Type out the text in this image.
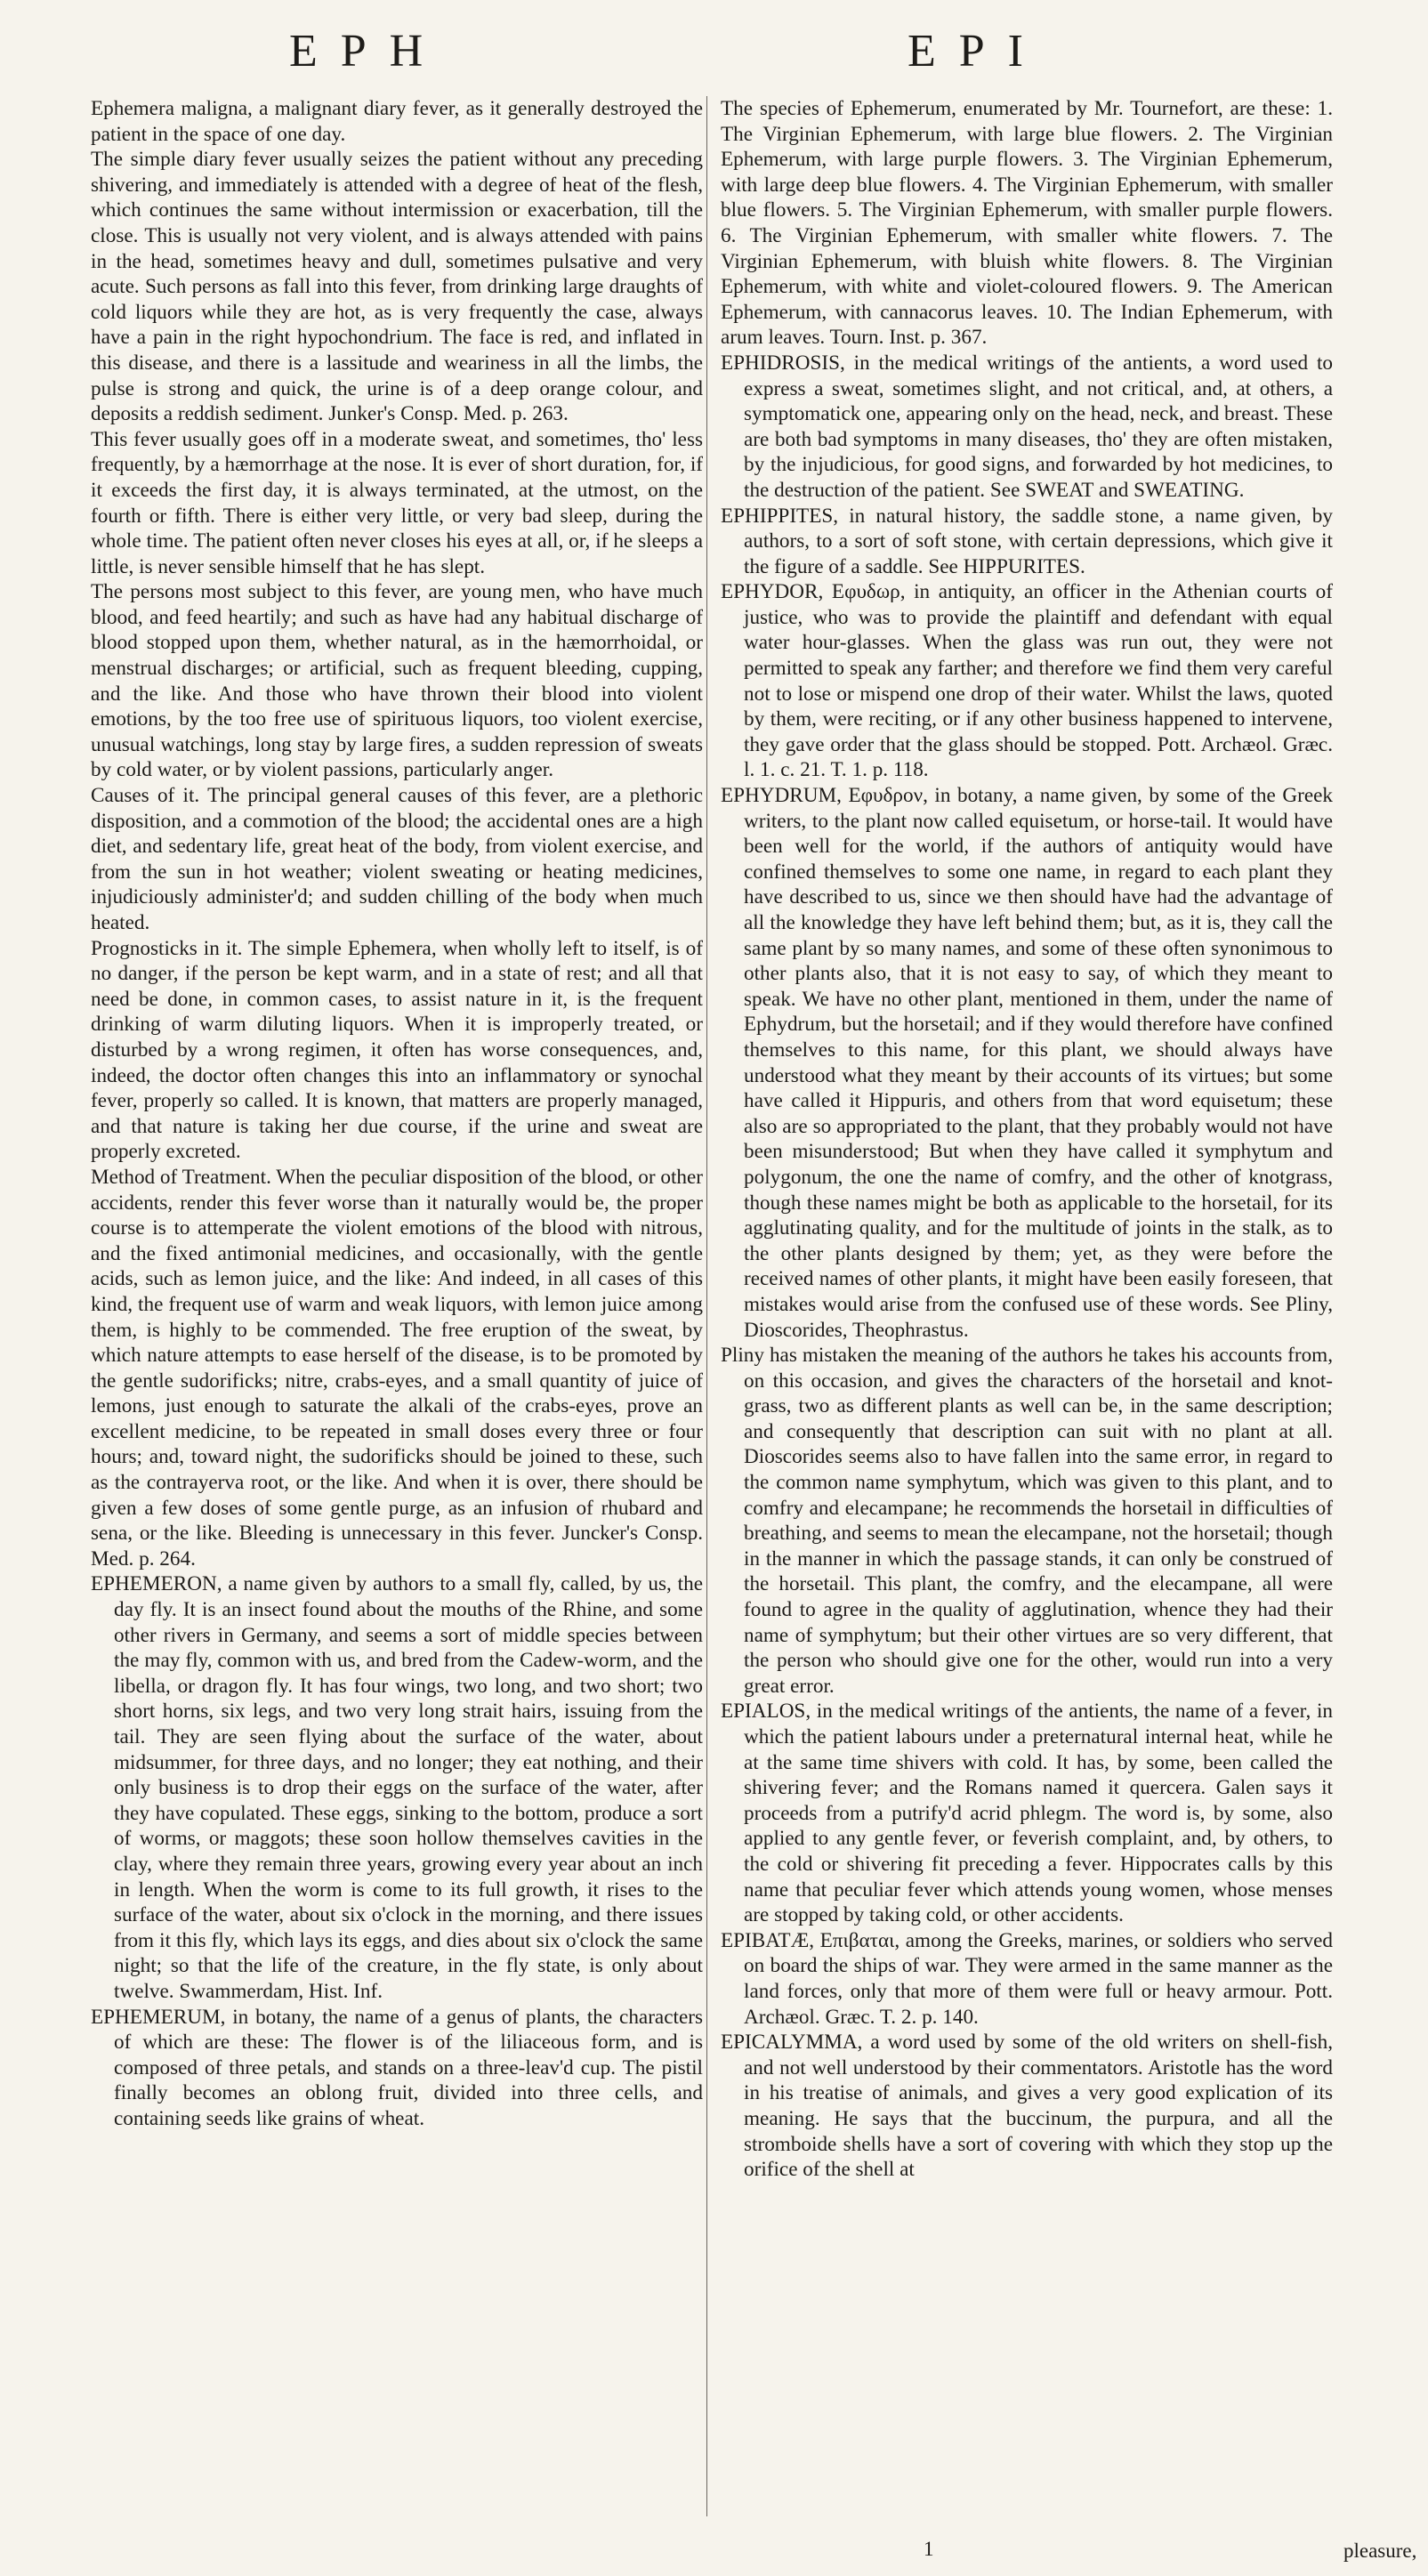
EPH	EPI

Ephemera maligna, a malignant diary fever, as it generally destroyed the patient in the space of one day.

The simple diary fever usually seizes the patient without any preceding shivering, and immediately is attended with a degree of heat of the flesh, which continues the same without intermission or exacerbation, till the close. This is usually not very violent, and is always attended with pains in the head, sometimes heavy and dull, sometimes pulsative and very acute. Such persons as fall into this fever, from drinking large draughts of cold liquors while they are hot, as is very frequently the case, always have a pain in the right hypochondrium. The face is red, and inflated in this disease, and there is a lassitude and weariness in all the limbs, the pulse is strong and quick, the urine is of a deep orange colour, and deposits a reddish sediment. Junker's Consp. Med. p. 263.

This fever usually goes off in a moderate sweat, and sometimes, tho' less frequently, by a hæmorrhage at the nose. It is ever of short duration, for, if it exceeds the first day, it is always terminated, at the utmost, on the fourth or fifth. There is either very little, or very bad sleep, during the whole time. The patient often never closes his eyes at all, or, if he sleeps a little, is never sensible himself that he has slept.

The persons most subject to this fever, are young men, who have much blood, and feed heartily; and such as have had any habitual discharge of blood stopped upon them, whether natural, as in the hæmorrhoidal, or menstrual discharges; or artificial, such as frequent bleeding, cupping, and the like. And those who have thrown their blood into violent emotions, by the too free use of spirituous liquors, too violent exercise, unusual watchings, long stay by large fires, a sudden repression of sweats by cold water, or by violent passions, particularly anger.

Causes of it. The principal general causes of this fever, are a plethoric disposition, and a commotion of the blood; the accidental ones are a high diet, and sedentary life, great heat of the body, from violent exercise, and from the sun in hot weather; violent sweating or heating medicines, injudiciously administer'd; and sudden chilling of the body when much heated.

Prognosticks in it. The simple Ephemera, when wholly left to itself, is of no danger, if the person be kept warm, and in a state of rest; and all that need be done, in common cases, to assist nature in it, is the frequent drinking of warm diluting liquors. When it is improperly treated, or disturbed by a wrong regimen, it often has worse consequences, and, indeed, the doctor often changes this into an inflammatory or synochal fever, properly so called. It is known, that matters are properly managed, and that nature is taking her due course, if the urine and sweat are properly excreted.

Method of Treatment. When the peculiar disposition of the blood, or other accidents, render this fever worse than it naturally would be, the proper course is to attemperate the violent emotions of the blood with nitrous, and the fixed antimonial medicines, and occasionally, with the gentle acids, such as lemon juice, and the like: And indeed, in all cases of this kind, the frequent use of warm and weak liquors, with lemon juice among them, is highly to be commended. The free eruption of the sweat, by which nature attempts to ease herself of the disease, is to be promoted by the gentle sudorificks; nitre, crabs-eyes, and a small quantity of juice of lemons, just enough to saturate the alkali of the crabs-eyes, prove an excellent medicine, to be repeated in small doses every three or four hours; and, toward night, the sudorificks should be joined to these, such as the contrayerva root, or the like. And when it is over, there should be given a few doses of some gentle purge, as an infusion of rhubard and sena, or the like. Bleeding is unnecessary in this fever. Juncker's Consp. Med. p. 264.

EPHEMERON, a name given by authors to a small fly, called, by us, the day fly. It is an insect found about the mouths of the Rhine, and some other rivers in Germany, and seems a sort of middle species between the may fly, common with us, and bred from the Cadew-worm, and the libella, or dragon fly. It has four wings, two long, and two short; two short horns, six legs, and two very long strait hairs, issuing from the tail. They are seen flying about the surface of the water, about midsummer, for three days, and no longer; they eat nothing, and their only business is to drop their eggs on the surface of the water, after they have copulated. These eggs, sinking to the bottom, produce a sort of worms, or maggots; these soon hollow themselves cavities in the clay, where they remain three years, growing every year about an inch in length. When the worm is come to its full growth, it rises to the surface of the water, about six o'clock in the morning, and there issues from it this fly, which lays its eggs, and dies about six o'clock the same night; so that the life of the creature, in the fly state, is only about twelve. Swammerdam, Hist. Inf.

EPHEMERUM, in botany, the name of a genus of plants, the characters of which are these: The flower is of the liliaceous form, and is composed of three petals, and stands on a three-leav'd cup. The pistil finally becomes an oblong fruit, divided into three cells, and containing seeds like grains of wheat.

The species of Ephemerum, enumerated by Mr. Tournefort, are these: 1. The Virginian Ephemerum, with large blue flowers. 2. The Virginian Ephemerum, with large purple flowers. 3. The Virginian Ephemerum, with large deep blue flowers. 4. The Virginian Ephemerum, with smaller blue flowers. 5. The Virginian Ephemerum, with smaller purple flowers. 6. The Virginian Ephemerum, with smaller white flowers. 7. The Virginian Ephemerum, with bluish white flowers. 8. The Virginian Ephemerum, with white and violet-coloured flowers. 9. The American Ephemerum, with cannacorus leaves. 10. The Indian Ephemerum, with arum leaves. Tourn. Inst. p. 367.

EPHIDROSIS, in the medical writings of the antients, a word used to express a sweat, sometimes slight, and not critical, and, at others, a symptomatick one, appearing only on the head, neck, and breast. These are both bad symptoms in many diseases, tho' they are often mistaken, by the injudicious, for good signs, and forwarded by hot medicines, to the destruction of the patient. See SWEAT and SWEATING.

EPHIPPITES, in natural history, the saddle stone, a name given, by authors, to a sort of soft stone, with certain depressions, which give it the figure of a saddle. See HIPPURITES.

EPHYDOR, Εφυδωρ, in antiquity, an officer in the Athenian courts of justice, who was to provide the plaintiff and defendant with equal water hour-glasses. When the glass was run out, they were not permitted to speak any farther; and therefore we find them very careful not to lose or mispend one drop of their water. Whilst the laws, quoted by them, were reciting, or if any other business happened to intervene, they gave order that the glass should be stopped. Pott. Archæol. Græc. l. 1. c. 21. T. 1. p. 118.

EPHYDRUM, Εφυδρον, in botany, a name given, by some of the Greek writers, to the plant now called equisetum, or horse-tail. It would have been well for the world, if the authors of antiquity would have confined themselves to some one name, in regard to each plant they have described to us, since we then should have had the advantage of all the knowledge they have left behind them; but, as it is, they call the same plant by so many names, and some of these often synonimous to other plants also, that it is not easy to say, of which they meant to speak. We have no other plant, mentioned in them, under the name of Ephydrum, but the horsetail; and if they would therefore have confined themselves to this name, for this plant, we should always have understood what they meant by their accounts of its virtues; but some have called it Hippuris, and others from that word equisetum; these also are so appropriated to the plant, that they probably would not have been misunderstood; But when they have called it symphytum and polygonum, the one the name of comfry, and the other of knotgrass, though these names might be both as applicable to the horsetail, for its agglutinating quality, and for the multitude of joints in the stalk, as to the other plants designed by them; yet, as they were before the received names of other plants, it might have been easily foreseen, that mistakes would arise from the confused use of these words. See Pliny, Dioscorides, Theophrastus.

Pliny has mistaken the meaning of the authors he takes his accounts from, on this occasion, and gives the characters of the horsetail and knot-grass, two as different plants as well can be, in the same description; and consequently that description can suit with no plant at all. Dioscorides seems also to have fallen into the same error, in regard to the common name symphytum, which was given to this plant, and to comfry and elecampane; he recommends the horsetail in difficulties of breathing, and seems to mean the elecampane, not the horsetail; though in the manner in which the passage stands, it can only be construed of the horsetail. This plant, the comfry, and the elecampane, all were found to agree in the quality of agglutination, whence they had their name of symphytum; but their other virtues are so very different, that the person who should give one for the other, would run into a very great error.

EPIALOS, in the medical writings of the antients, the name of a fever, in which the patient labours under a preternatural internal heat, while he at the same time shivers with cold. It has, by some, been called the shivering fever; and the Romans named it quercera. Galen says it proceeds from a putrify'd acrid phlegm. The word is, by some, also applied to any gentle fever, or feverish complaint, and, by others, to the cold or shivering fit preceding a fever. Hippocrates calls by this name that peculiar fever which attends young women, whose menses are stopped by taking cold, or other accidents.

EPIBATÆ, Επιβαται, among the Greeks, marines, or soldiers who served on board the ships of war. They were armed in the same manner as the land forces, only that more of them were full or heavy armour. Pott. Archæol. Græc. T. 2. p. 140.

EPICALYMMA, a word used by some of the old writers on shell-fish, and not well understood by their commentators. Aristotle has the word in his treatise of animals, and gives a very good explication of its meaning. He says that the buccinum, the purpura, and all the stromboide shells have a sort of covering with which they stop up the orifice of the shell at

1	pleasure,
